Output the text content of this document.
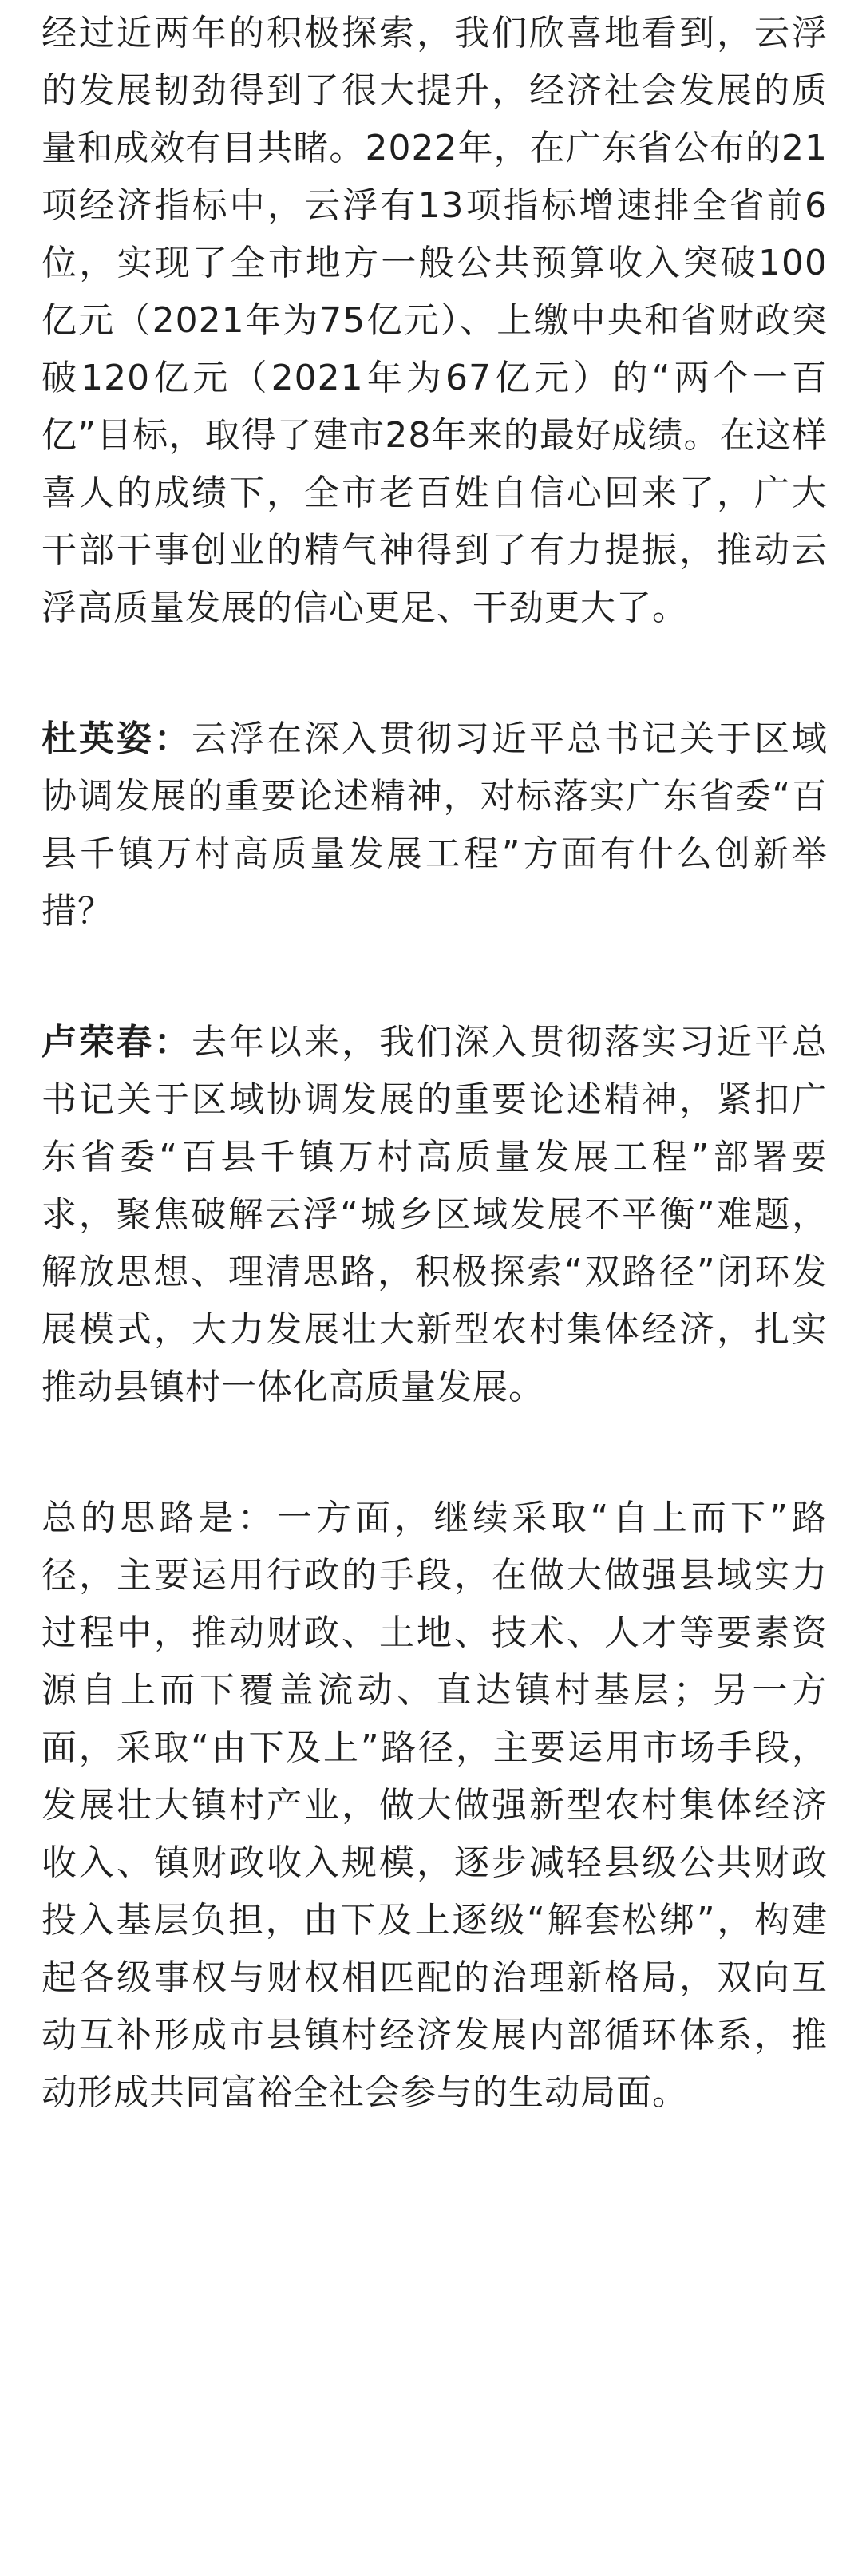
经过近两年的积极探索，我们欣喜地看到，云浮的发展韧劲得到了很大提升，经济社会发展的质量和成效有目共睹。2022年，在广东省公布的21项经济指标中，云浮有13项指标增速排全省前6位，实现了全市地方一般公共预算收入突破100亿元（2021年为75亿元）、上缴中央和省财政突破120亿元（2021年为67亿元）的“两个一百亿”目标，取得了建市28年来的最好成绩。在这样喜人的成绩下，全市老百姓自信心回来了，广大干部干事创业的精气神得到了有力提振，推动云浮高质量发展的信心更足、干劲更大了。

杜英姿：云浮在深入贯彻习近平总书记关于区域协调发展的重要论述精神，对标落实广东省委“百县千镇万村高质量发展工程”方面有什么创新举措？

卢荣春：去年以来，我们深入贯彻落实习近平总书记关于区域协调发展的重要论述精神，紧扣广东省委“百县千镇万村高质量发展工程”部署要求，聚焦破解云浮“城乡区域发展不平衡”难题，解放思想、理清思路，积极探索“双路径”闭环发展模式，大力发展壮大新型农村集体经济，扎实推动县镇村一体化高质量发展。

总的思路是：一方面，继续采取“自上而下”路径，主要运用行政的手段，在做大做强县域实力过程中，推动财政、土地、技术、人才等要素资源自上而下覆盖流动、直达镇村基层；另一方面，采取“由下及上”路径，主要运用市场手段，发展壮大镇村产业，做大做强新型农村集体经济收入、镇财政收入规模，逐步减轻县级公共财政投入基层负担，由下及上逐级“解套松绑”，构建起各级事权与财权相匹配的治理新格局，双向互动互补形成市县镇村经济发展内部循环体系，推动形成共同富裕全社会参与的生动局面。
